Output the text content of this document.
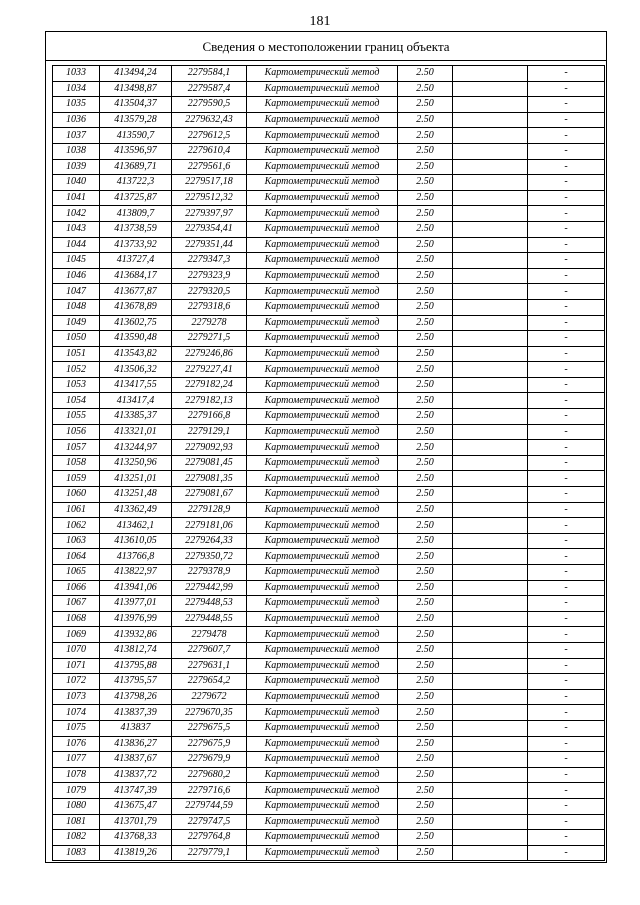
181
Сведения о местоположении границ объекта
1033	413494,24	2279584,1	Картометрический метод	2.50		-
1034	413498,87	2279587,4	Картометрический метод	2.50		-
1035	413504,37	2279590,5	Картометрический метод	2.50		-
1036	413579,28	2279632,43	Картометрический метод	2.50		-
1037	413590,7	2279612,5	Картометрический метод	2.50		-
1038	413596,97	2279610,4	Картометрический метод	2.50		-
1039	413689,71	2279561,6	Картометрический метод	2.50		-
1040	413722,3	2279517,18	Картометрический метод	2.50		-
1041	413725,87	2279512,32	Картометрический метод	2.50		-
1042	413809,7	2279397,97	Картометрический метод	2.50		-
1043	413738,59	2279354,41	Картометрический метод	2.50		-
1044	413733,92	2279351,44	Картометрический метод	2.50		-
1045	413727,4	2279347,3	Картометрический метод	2.50		-
1046	413684,17	2279323,9	Картометрический метод	2.50		-
1047	413677,87	2279320,5	Картометрический метод	2.50		-
1048	413678,89	2279318,6	Картометрический метод	2.50		-
1049	413602,75	2279278	Картометрический метод	2.50		-
1050	413590,48	2279271,5	Картометрический метод	2.50		-
1051	413543,82	2279246,86	Картометрический метод	2.50		-
1052	413506,32	2279227,41	Картометрический метод	2.50		-
1053	413417,55	2279182,24	Картометрический метод	2.50		-
1054	413417,4	2279182,13	Картометрический метод	2.50		-
1055	413385,37	2279166,8	Картометрический метод	2.50		-
1056	413321,01	2279129,1	Картометрический метод	2.50		-
1057	413244,97	2279092,93	Картометрический метод	2.50		-
1058	413250,96	2279081,45	Картометрический метод	2.50		-
1059	413251,01	2279081,35	Картометрический метод	2.50		-
1060	413251,48	2279081,67	Картометрический метод	2.50		-
1061	413362,49	2279128,9	Картометрический метод	2.50		-
1062	413462,1	2279181,06	Картометрический метод	2.50		-
1063	413610,05	2279264,33	Картометрический метод	2.50		-
1064	413766,8	2279350,72	Картометрический метод	2.50		-
1065	413822,97	2279378,9	Картометрический метод	2.50		-
1066	413941,06	2279442,99	Картометрический метод	2.50		-
1067	413977,01	2279448,53	Картометрический метод	2.50		-
1068	413976,99	2279448,55	Картометрический метод	2.50		-
1069	413932,86	2279478	Картометрический метод	2.50		-
1070	413812,74	2279607,7	Картометрический метод	2.50		-
1071	413795,88	2279631,1	Картометрический метод	2.50		-
1072	413795,57	2279654,2	Картометрический метод	2.50		-
1073	413798,26	2279672	Картометрический метод	2.50		-
1074	413837,39	2279670,35	Картометрический метод	2.50		-
1075	413837	2279675,5	Картометрический метод	2.50		-
1076	413836,27	2279675,9	Картометрический метод	2.50		-
1077	413837,67	2279679,9	Картометрический метод	2.50		-
1078	413837,72	2279680,2	Картометрический метод	2.50		-
1079	413747,39	2279716,6	Картометрический метод	2.50		-
1080	413675,47	2279744,59	Картометрический метод	2.50		-
1081	413701,79	2279747,5	Картометрический метод	2.50		-
1082	413768,33	2279764,8	Картометрический метод	2.50		-
1083	413819,26	2279779,1	Картометрический метод	2.50		-
